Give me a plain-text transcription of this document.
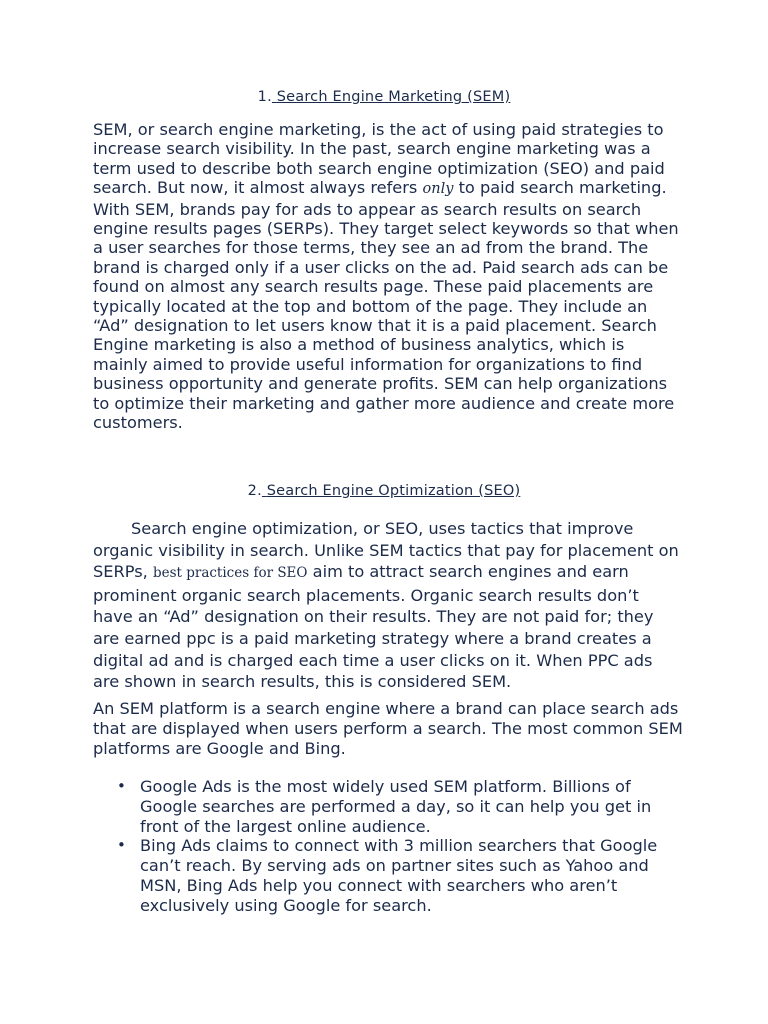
1. Search Engine Marketing (SEM)

SEM, or search engine marketing, is the act of using paid strategies to increase search visibility. In the past, search engine marketing was a term used to describe both search engine optimization (SEO) and paid search. But now, it almost always refers only to paid search marketing. With SEM, brands pay for ads to appear as search results on search engine results pages (SERPs). They target select keywords so that when a user searches for those terms, they see an ad from the brand. The brand is charged only if a user clicks on the ad. Paid search ads can be found on almost any search results page. These paid placements are typically located at the top and bottom of the page. They include an “Ad” designation to let users know that it is a paid placement. Search Engine marketing is also a method of business analytics, which is mainly aimed to provide useful information for organizations to find business opportunity and generate profits. SEM can help organizations to optimize their marketing and gather more audience and create more customers.

2. Search Engine Optimization (SEO)

Search engine optimization, or SEO, uses tactics that improve organic visibility in search. Unlike SEM tactics that pay for placement on SERPs, best practices for SEO aim to attract search engines and earn prominent organic search placements. Organic search results don’t have an “Ad” designation on their results. They are not paid for; they are earned ppc is a paid marketing strategy where a brand creates a digital ad and is charged each time a user clicks on it. When PPC ads are shown in search results, this is considered SEM.

An SEM platform is a search engine where a brand can place search ads that are displayed when users perform a search. The most common SEM platforms are Google and Bing.

• Google Ads is the most widely used SEM platform. Billions of Google searches are performed a day, so it can help you get in front of the largest online audience.
• Bing Ads claims to connect with 3 million searchers that Google can’t reach. By serving ads on partner sites such as Yahoo and MSN, Bing Ads help you connect with searchers who aren’t exclusively using Google for search.
